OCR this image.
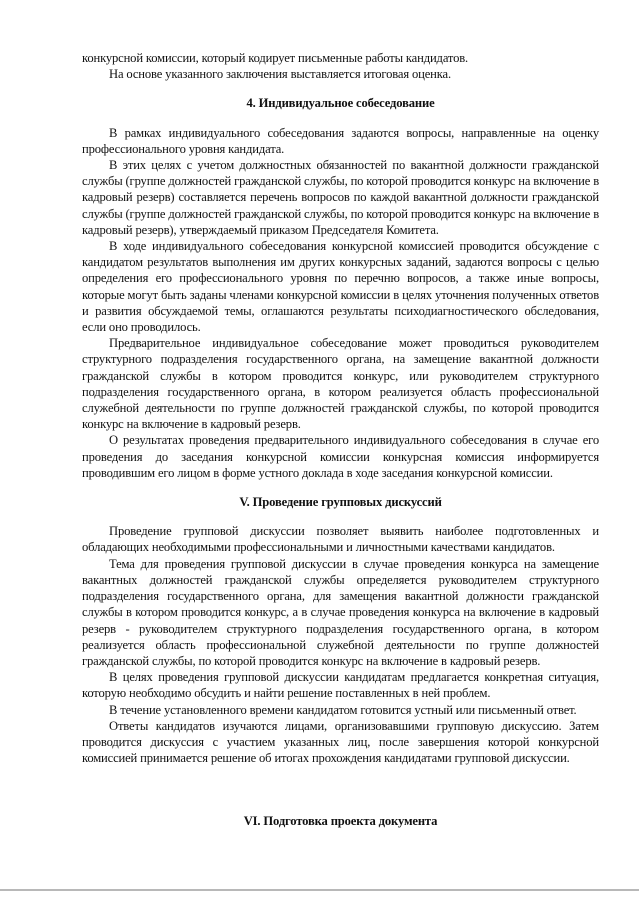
конкурсной комиссии, который кодирует письменные работы кандидатов.

На основе указанного заключения выставляется итоговая оценка.

4. Индивидуальное собеседование

В рамках индивидуального собеседования задаются вопросы, направленные на оценку профессионального уровня кандидата.

В этих целях с учетом должностных обязанностей по вакантной должности гражданской службы (группе должностей гражданской службы, по которой проводится конкурс на включение в кадровый резерв) составляется перечень вопросов по каждой вакантной должности гражданской службы (группе должностей гражданской службы, по которой проводится конкурс на включение в кадровый резерв), утверждаемый приказом Председателя Комитета.

В ходе индивидуального собеседования конкурсной комиссией проводится обсуждение с кандидатом результатов выполнения им других конкурсных заданий, задаются вопросы с целью определения его профессионального уровня по перечню вопросов, а также иные вопросы, которые могут быть заданы членами конкурсной комиссии в целях уточнения полученных ответов и развития обсуждаемой темы, оглашаются результаты психодиагностического обследования, если оно проводилось.

Предварительное индивидуальное собеседование может проводиться руководителем структурного подразделения государственного органа, на замещение вакантной должности гражданской службы в котором проводится конкурс, или руководителем структурного подразделения государственного органа, в котором реализуется область профессиональной служебной деятельности по группе должностей гражданской службы, по которой проводится конкурс на включение в кадровый резерв.

О результатах проведения предварительного индивидуального собеседования в случае его проведения до заседания конкурсной комиссии конкурсная комиссия информируется проводившим его лицом в форме устного доклада в ходе заседания конкурсной комиссии.

V. Проведение групповых дискуссий

Проведение групповой дискуссии позволяет выявить наиболее подготовленных и обладающих необходимыми профессиональными и личностными качествами кандидатов.

Тема для проведения групповой дискуссии в случае проведения конкурса на замещение вакантных должностей гражданской службы определяется руководителем структурного подразделения государственного органа, для замещения вакантной должности гражданской службы в котором проводится конкурс, а в случае проведения конкурса на включение в кадровый резерв - руководителем структурного подразделения государственного органа, в котором реализуется область профессиональной служебной деятельности по группе должностей гражданской службы, по которой проводится конкурс на включение в кадровый резерв.

В целях проведения групповой дискуссии кандидатам предлагается конкретная ситуация, которую необходимо обсудить и найти решение поставленных в ней проблем.

В течение установленного времени кандидатом готовится устный или письменный ответ.

Ответы кандидатов изучаются лицами, организовавшими групповую дискуссию. Затем проводится дискуссия с участием указанных лиц, после завершения которой конкурсной комиссией принимается решение об итогах прохождения кандидатами групповой дискуссии.

VI. Подготовка проекта документа
